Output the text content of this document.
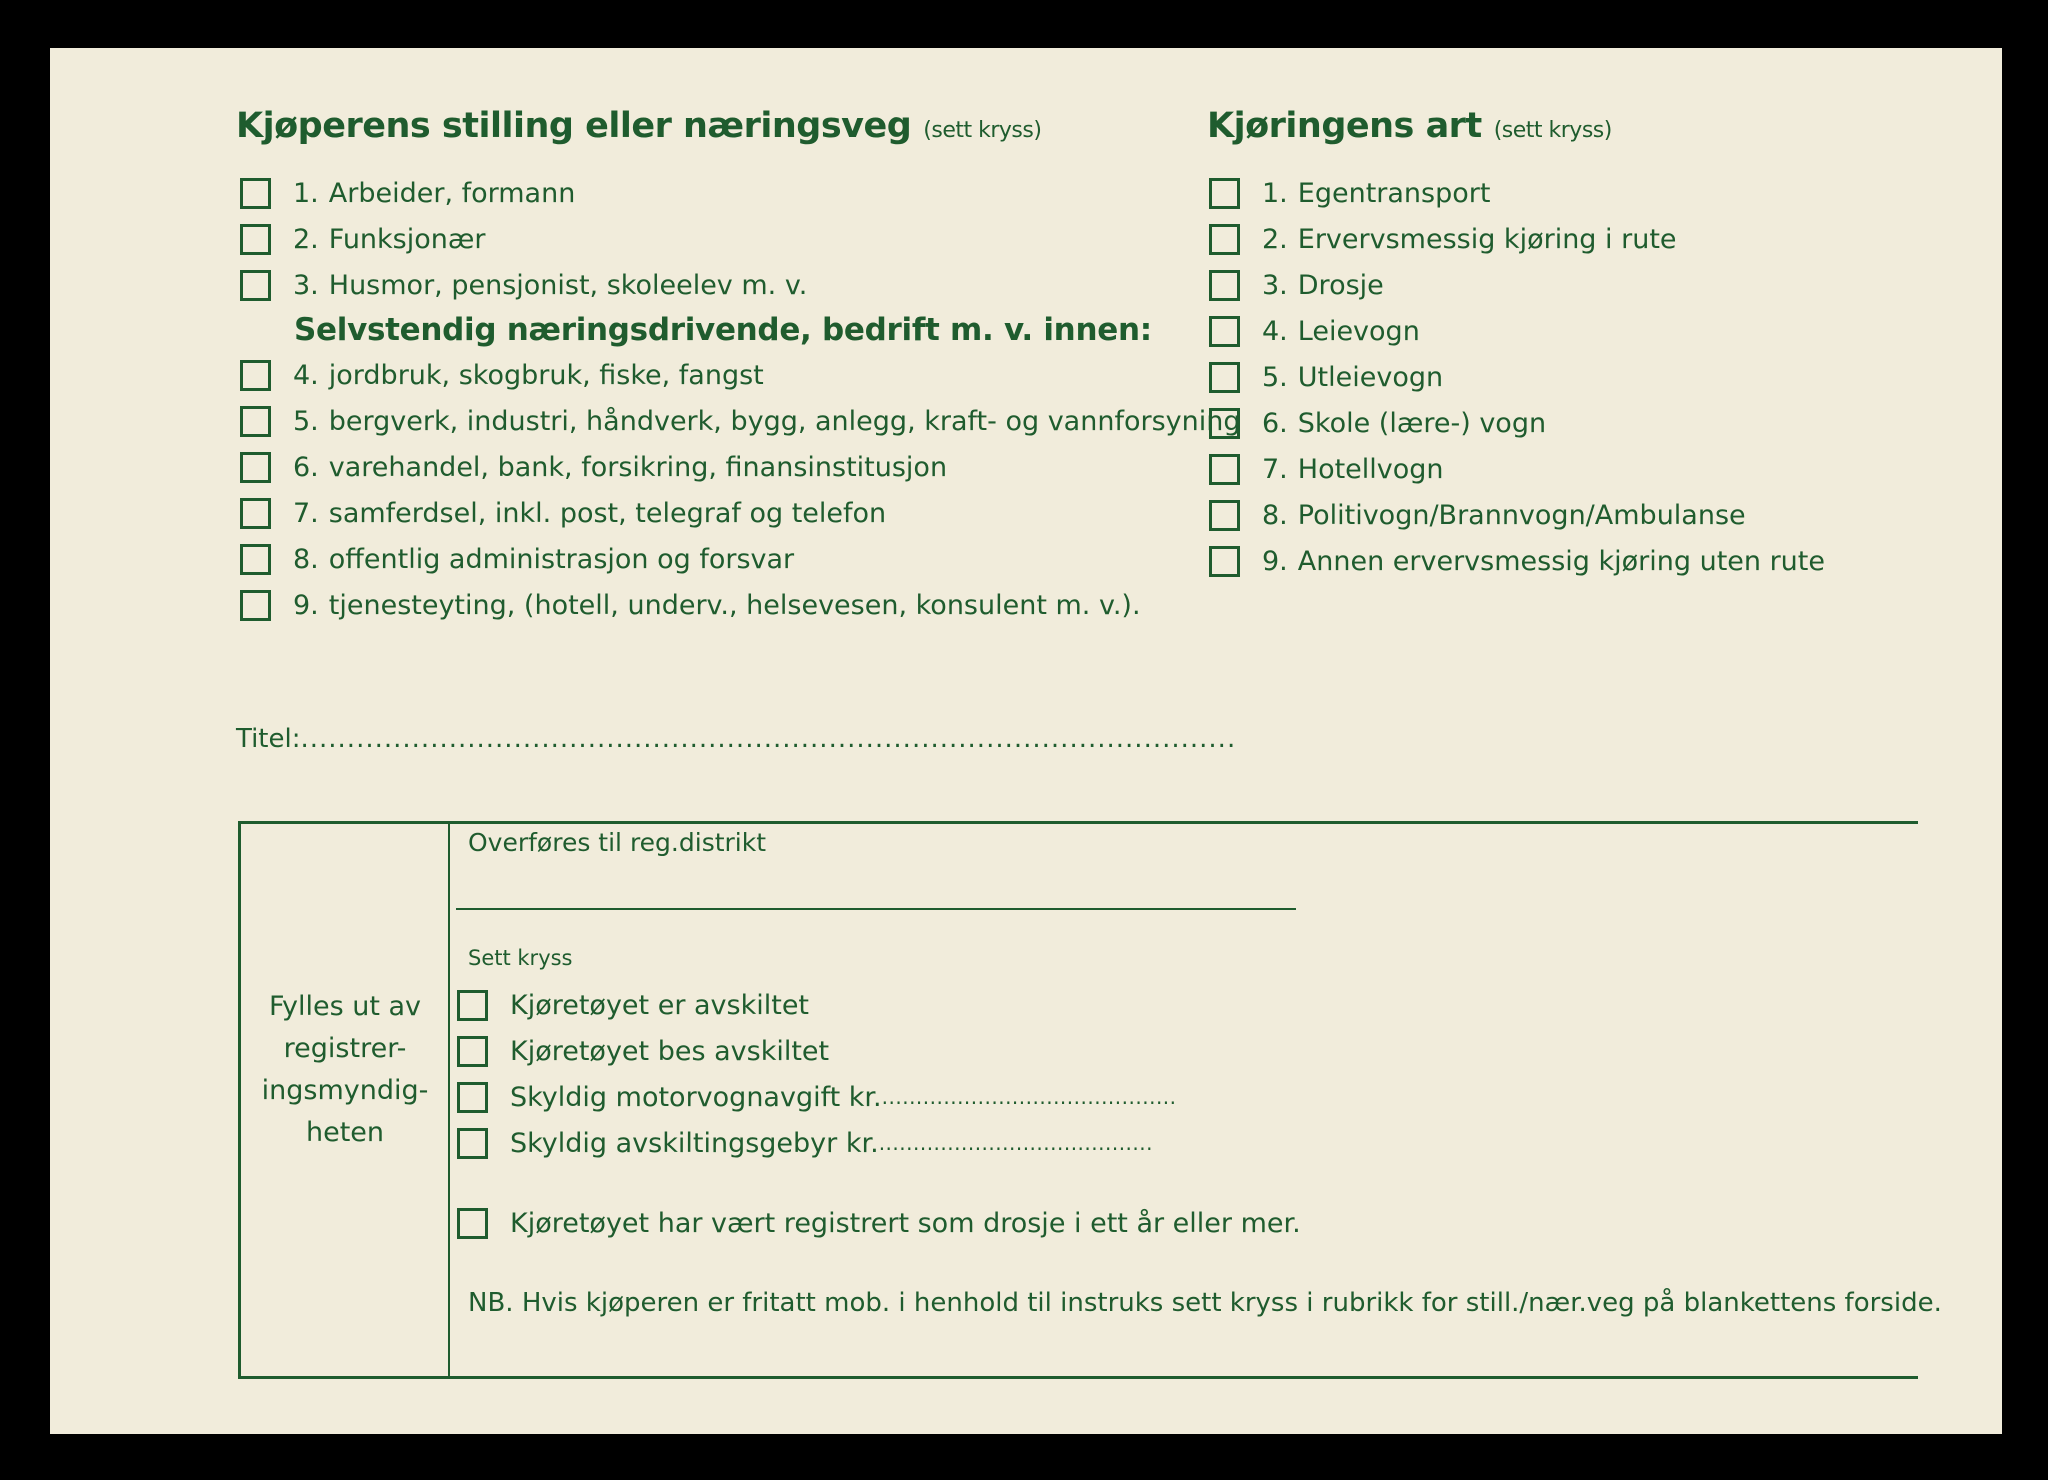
Kjøperens stilling eller næringsveg (sett kryss)
1. Arbeider, formann
2. Funksjonær
3. Husmor, pensjonist, skoleelev m. v.
Selvstendig næringsdrivende, bedrift m. v. innen:
4. jordbruk, skogbruk, fiske, fangst
5. bergverk, industri, håndverk, bygg, anlegg, kraft- og vannforsyning
6. varehandel, bank, forsikring, finansinstitusjon
7. samferdsel, inkl. post, telegraf og telefon
8. offentlig administrasjon og forsvar
9. tjenesteyting, (hotell, underv., helsevesen, konsulent m. v.).
Kjøringens art (sett kryss)
1. Egentransport
2. Ervervsmessig kjøring i rute
3. Drosje
4. Leievogn
5. Utleievogn
6. Skole (lære-) vogn
7. Hotellvogn
8. Politivogn/Brannvogn/Ambulanse
9. Annen ervervsmessig kjøring uten rute
Titel:.....................................................................................................
Fylles ut av registrer-ingsmyndig-heten
Overføres til reg.distrikt
Sett kryss
Kjøretøyet er avskiltet
Kjøretøyet bes avskiltet
Skyldig motorvognavgift kr. ...........................................
Skyldig avskiltingsgebyr kr. ........................................
Kjøretøyet har vært registrert som drosje i ett år eller mer.
NB. Hvis kjøperen er fritatt mob. i henhold til instruks sett kryss i rubrikk for still./nær.veg på blankettens forside.
